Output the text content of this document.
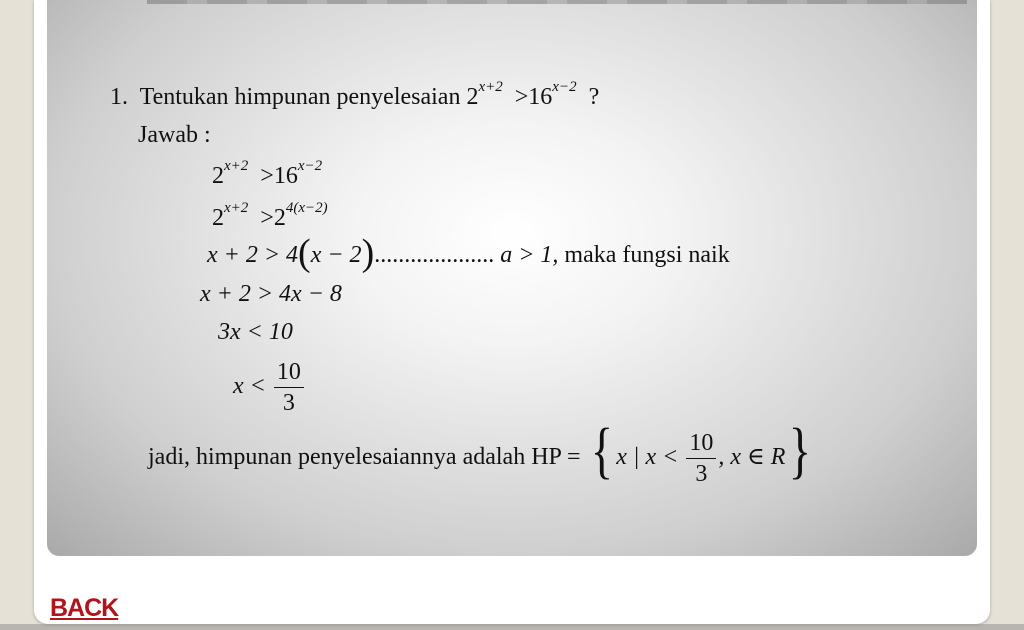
1. Tentukan himpunan penyelesaian $2^{x+2} >16^{x-2}$ ?
Jawab :
$2^{x+2} >16^{x-2}$
$2^{x+2} >2^{4(x-2)}$
x + 2 > 4(x − 2).................... a > 1, maka fungsi naik
x + 2 > 4x − 8
3x < 10
$x < \frac{10}{3}$
jadi, himpunan penyelesaiannya adalah HP = { x | $x < \frac{10}{3}$ , x ∈ R}
BACK
